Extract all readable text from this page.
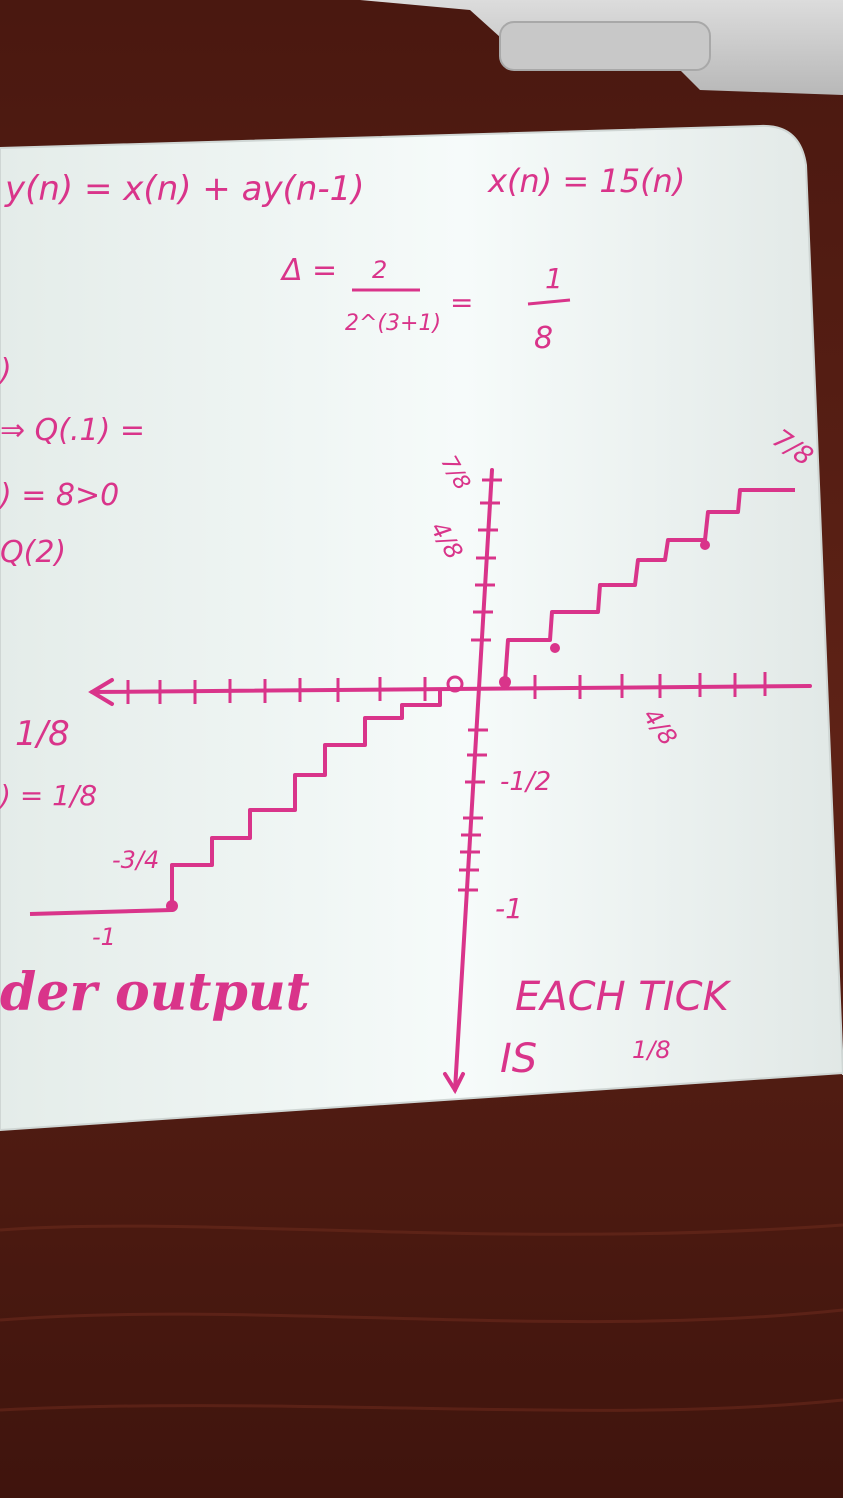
y(n) = x(n) + ay(n-1)	x(n) = 15(n)
Δ = 2
2^(3+1)
=
1
8
)
⇒ Q(.1) =
) = 8>0
Q(2)
1/8
) = 1/8
7/8
4/8
7/8
4/8
-1/2
-1
-3/4
-1
der output	EACH TICK
IS	1/8
